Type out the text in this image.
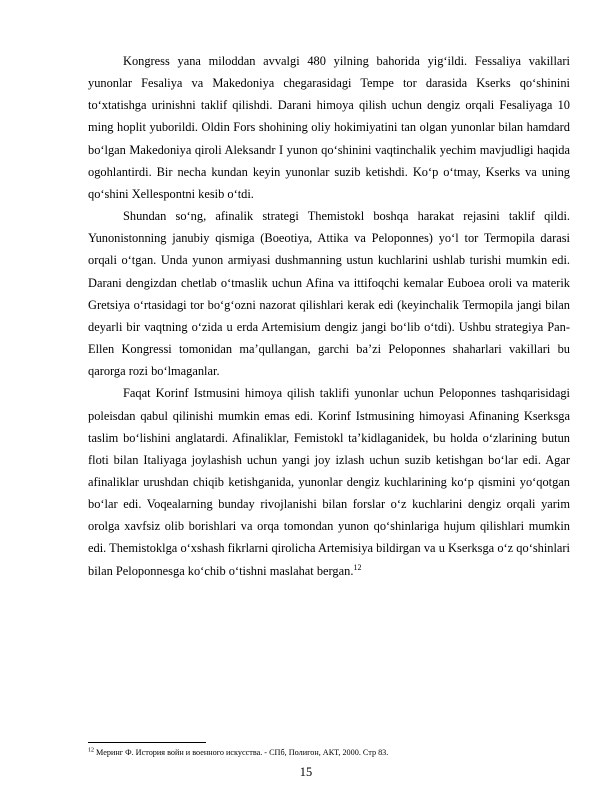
Kongress yana miloddan avvalgi 480 yilning bahorida yig‘ildi. Fessaliya vakillari yunonlar Fesaliya va Makedoniya chegarasidagi Tempe tor darasida Kserks qo‘shinini to‘xtatishga urinishni taklif qilishdi. Darani himoya qilish uchun dengiz orqali Fesaliyaga 10 ming hoplit yuborildi. Oldin Fors shohining oliy hokimiyatini tan olgan yunonlar bilan hamdard bo‘lgan Makedoniya qiroli Aleksandr I yunon qo‘shinini vaqtinchalik yechim mavjudligi haqida ogohlantirdi. Bir necha kundan keyin yunonlar suzib ketishdi. Ko‘p o‘tmay, Kserks va uning qo‘shini Xellespontni kesib o‘tdi.

Shundan so‘ng, afinalik strategi Themistokl boshqa harakat rejasini taklif qildi. Yunonistonning janubiy qismiga (Boeotiya, Attika va Peloponnes) yo‘l tor Termopila darasi orqali o‘tgan. Unda yunon armiyasi dushmanning ustun kuchlarini ushlab turishi mumkin edi. Darani dengizdan chetlab o‘tmaslik uchun Afina va ittifoqchi kemalar Euboea oroli va materik Gretsiya o‘rtasidagi tor bo‘g‘ozni nazorat qilishlari kerak edi (keyinchalik Termopila jangi bilan deyarli bir vaqtning o‘zida u erda Artemisium dengiz jangi bo‘lib o‘tdi). Ushbu strategiya Pan-Ellen Kongressi tomonidan ma’qullangan, garchi ba’zi Peloponnes shaharlari vakillari bu qarorga rozi bo‘lmaganlar.

Faqat Korinf Istmusini himoya qilish taklifi yunonlar uchun Peloponnes tashqarisidagi poleisdan qabul qilinishi mumkin emas edi. Korinf Istmusining himoyasi Afinaning Kserksga taslim bo‘lishini anglatardi. Afinaliklar, Femistokl ta’kidlaganidek, bu holda o‘zlarining butun floti bilan Italiyaga joylashish uchun yangi joy izlash uchun suzib ketishgan bo‘lar edi. Agar afinaliklar urushdan chiqib ketishganida, yunonlar dengiz kuchlarining ko‘p qismini yo‘qotgan bo‘lar edi. Voqealarning bunday rivojlanishi bilan forslar o‘z kuchlarini dengiz orqali yarim orolga xavfsiz olib borishlari va orqa tomondan yunon qo‘shinlariga hujum qilishlari mumkin edi. Themistoklga o‘xshash fikrlarni qirolicha Artemisiya bildirgan va u Kserksga o‘z qo‘shinlari bilan Peloponnesga ko‘chib o‘tishni maslahat bergan.$^{12}$

$^{12}$ Меринг Ф. История войн и военного искусства. - СПб, Полигон, АКТ, 2000. Стр 83.
15
